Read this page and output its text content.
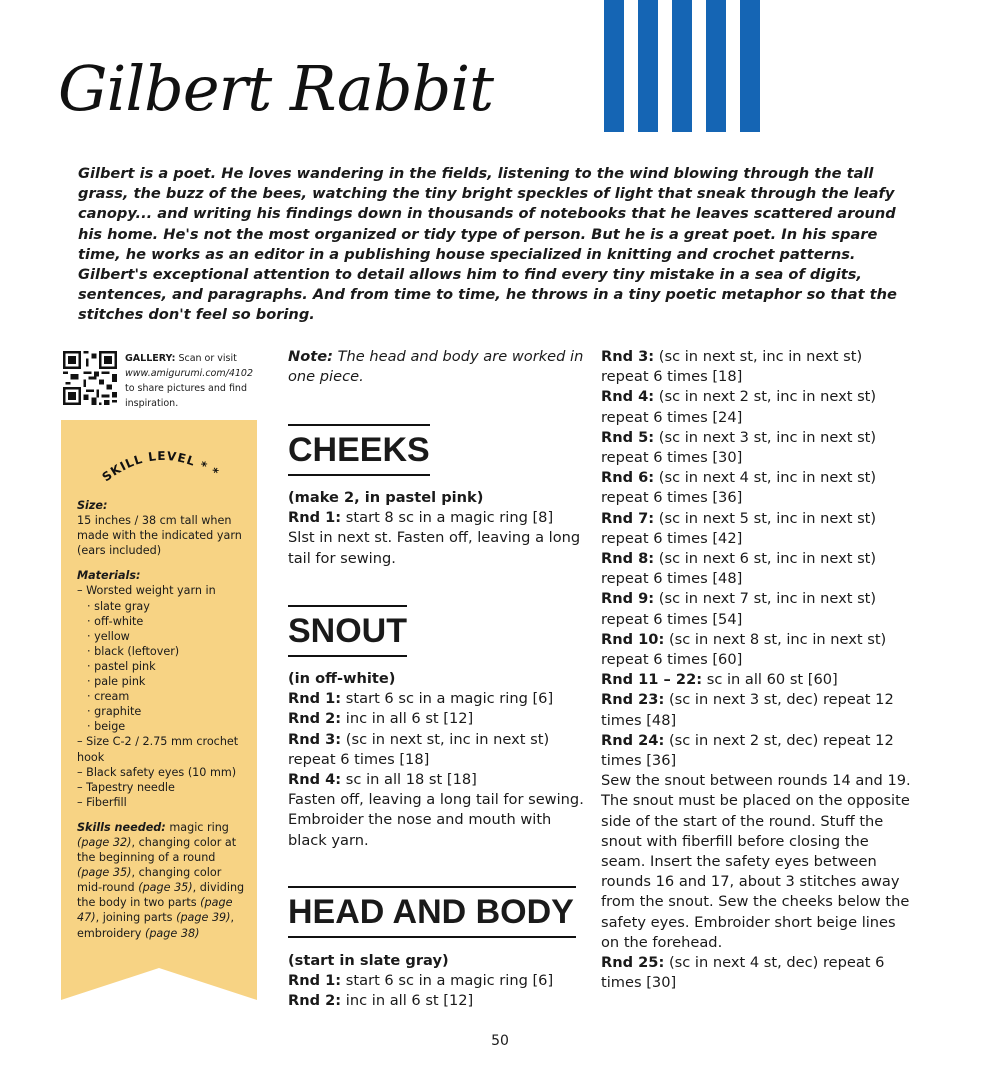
Gilbert Rabbit

Gilbert is a poet. He loves wandering in the fields, listening to the wind blowing through the tall grass, the buzz of the bees, watching the tiny bright speckles of light that sneak through the leafy canopy... and writing his findings down in thousands of notebooks that he leaves scattered around his home. He's not the most organized or tidy type of person. But he is a great poet. In his spare time, he works as an editor in a publishing house specialized in knitting and crochet patterns. Gilbert's exceptional attention to detail allows him to find every tiny mistake in a sea of digits, sentences, and paragraphs. And from time to time, he throws in a tiny poetic metaphor so that the stitches don't feel so boring.

GALLERY: Scan or visit www.amigurumi.com/4102 to share pictures and find inspiration.
SKILL LEVEL * *
Size:
15 inches / 38 cm tall when made with the indicated yarn (ears included)
Materials:
– Worsted weight yarn in
· slate gray
· off-white
· yellow
· black (leftover)
· pastel pink
· pale pink
· cream
· graphite
· beige
– Size C-2 / 2.75 mm crochet hook
– Black safety eyes (10 mm)
– Tapestry needle
– Fiberfill
Skills needed: magic ring (page 32), changing color at the beginning of a round (page 35), changing color mid-round (page 35), dividing the body in two parts (page 47), joining parts (page 39), embroidery (page 38)

Note: The head and body are worked in one piece.

CHEEKS

(make 2, in pastel pink)

Rnd 1: start 8 sc in a magic ring [8]

Slst in next st. Fasten off, leaving a long tail for sewing.

SNOUT

(in off-white)

Rnd 1: start 6 sc in a magic ring [6]

Rnd 2: inc in all 6 st [12]

Rnd 3: (sc in next st, inc in next st) repeat 6 times [18]

Rnd 4: sc in all 18 st [18]

Fasten off, leaving a long tail for sewing. Embroider the nose and mouth with black yarn.

HEAD AND BODY

(start in slate gray)

Rnd 1: start 6 sc in a magic ring [6]

Rnd 2: inc in all 6 st [12]

Rnd 3: (sc in next st, inc in next st) repeat 6 times [18]

Rnd 4: (sc in next 2 st, inc in next st) repeat 6 times [24]

Rnd 5: (sc in next 3 st, inc in next st) repeat 6 times [30]

Rnd 6: (sc in next 4 st, inc in next st) repeat 6 times [36]

Rnd 7: (sc in next 5 st, inc in next st) repeat 6 times [42]

Rnd 8: (sc in next 6 st, inc in next st) repeat 6 times [48]

Rnd 9: (sc in next 7 st, inc in next st) repeat 6 times [54]

Rnd 10: (sc in next 8 st, inc in next st) repeat 6 times [60]

Rnd 11 – 22: sc in all 60 st [60]

Rnd 23: (sc in next 3 st, dec) repeat 12 times [48]

Rnd 24: (sc in next 2 st, dec) repeat 12 times [36]

Sew the snout between rounds 14 and 19. The snout must be placed on the opposite side of the start of the round. Stuff the snout with fiberfill before closing the seam. Insert the safety eyes between rounds 16 and 17, about 3 stitches away from the snout. Sew the cheeks below the safety eyes. Embroider short beige lines on the forehead.

Rnd 25: (sc in next 4 st, dec) repeat 6 times [30]

50
